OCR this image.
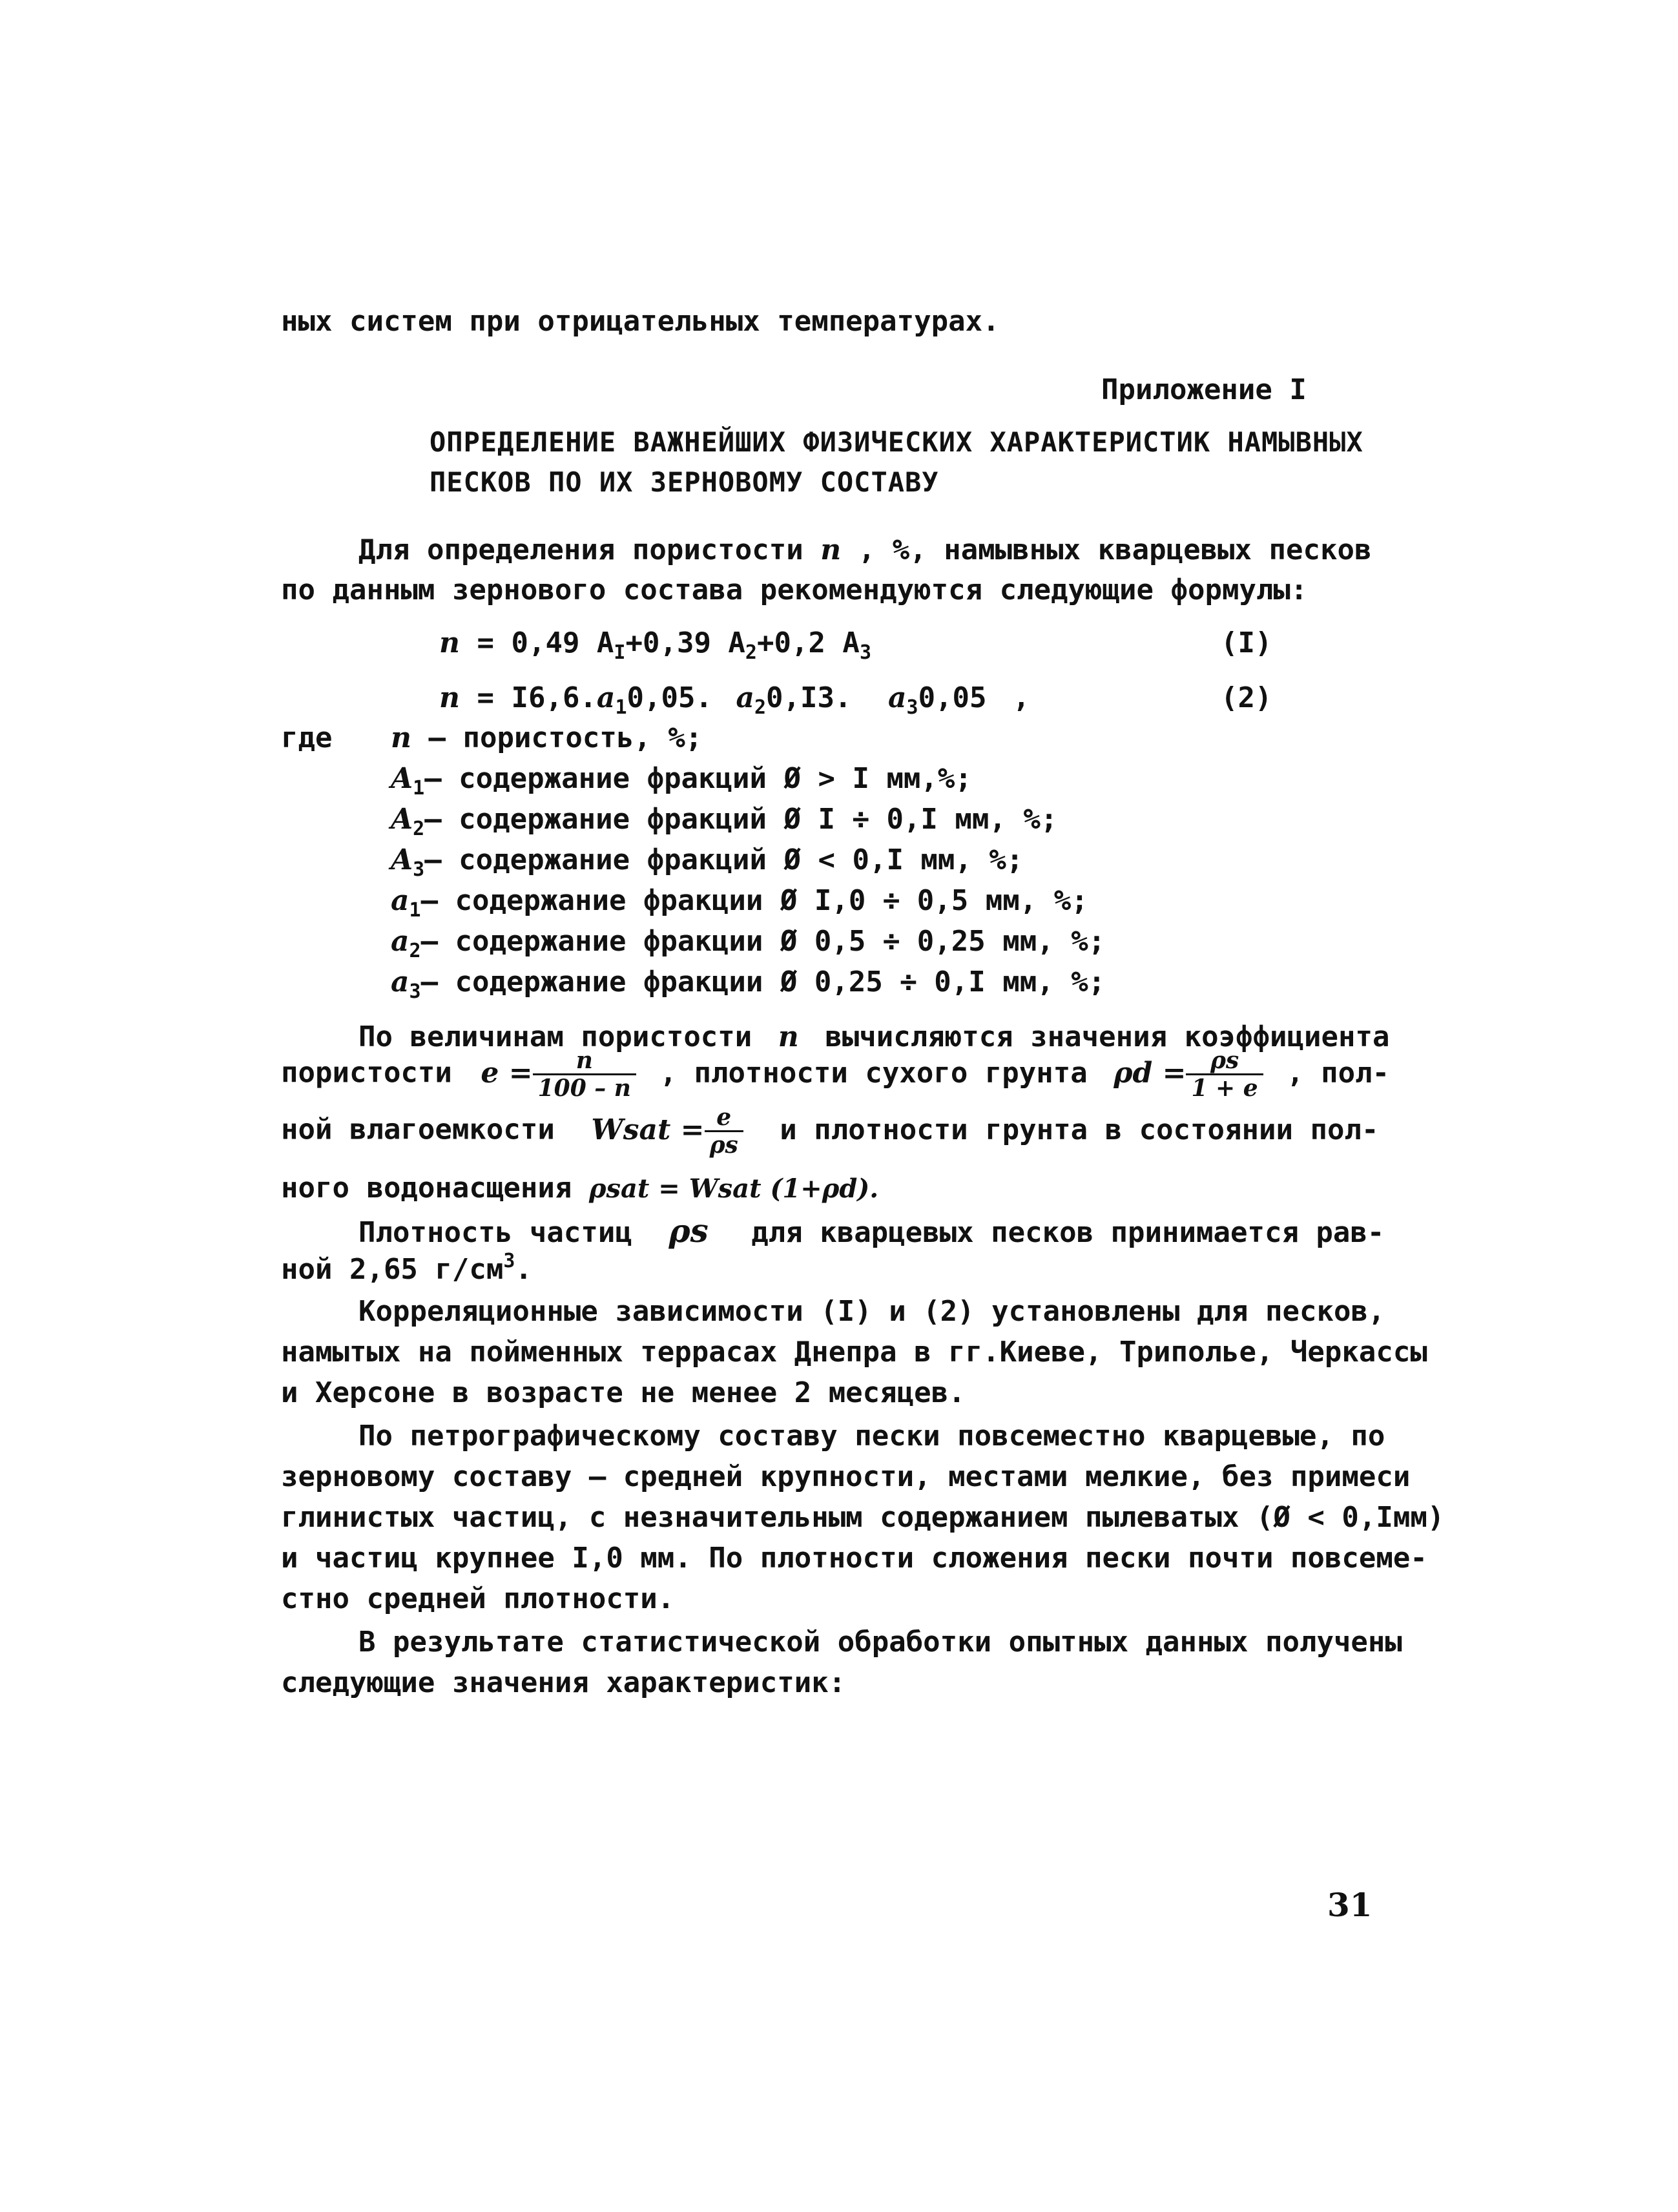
ных систем при отрицательных температурах.
Приложение I
ОПРЕДЕЛЕНИЕ ВАЖНЕЙШИХ ФИЗИЧЕСКИХ ХАРАКТЕРИСТИК НАМЫВНЫХ
ПЕСКОВ ПО ИХ ЗЕРНОВОМУ СОСТАВУ
Для определения пористости n , %, намывных кварцевых песков
по данным зернового состава рекомендуются следующие формулы:
n = 0,49 $A_I+0,39$ $A_2+0,2$ $A_3$	(I)
$n = I6,6.a_10,05$. $a_20,I3$. $a_30,05$ ,	(2)
где n – пористость, %;
$A_1-$ содержание фракций Ø > I мм,%;
$A_2-$ содержание фракций Ø I ÷ 0,I мм, %;
$A_3-$ содержание фракций Ø < 0,I мм, %;
$a_1-$ содержание фракции Ø I,0 ÷ 0,5 мм, %;
$a_2-$ содержание фракции Ø 0,5 ÷ 0,25 мм, %;
$a_3-$ содержание фракции Ø 0,25 ÷ 0,I мм, %;
По величинам пористости n вычисляются значения коэффициента
пористости $e = \frac{n}{100 - n}$ , плотности сухого грунта $\rho d = \frac{\rho s}{1 + e}$ , пол-
ной влагоемкости Wsat = $\frac{e}{\rho s}$ и плотности грунта в состоянии пол-
ного водонасщения ρsat = Wsat (1+ρd).
Плотность частиц ρs для кварцевых песков принимается рав-
ной 2,65 $г/см^3$.
Корреляционные зависимости (I) и (2) установлены для песков,
намытых на пойменных террасах Днепра в гг.Киеве, Триполье, Черкассы
и Херсоне в возрасте не менее 2 месяцев.
По петрографическому составу пески повсеместно кварцевые, по
зерновому составу – средней крупности, местами мелкие, без примеси
глинистых частиц, с незначительным содержанием пылеватых (Ø < 0,Iмм)
и частиц крупнее I,0 мм. По плотности сложения пески почти повсеме-
стно средней плотности.
В результате статистической обработки опытных данных получены
следующие значения характеристик:
31
